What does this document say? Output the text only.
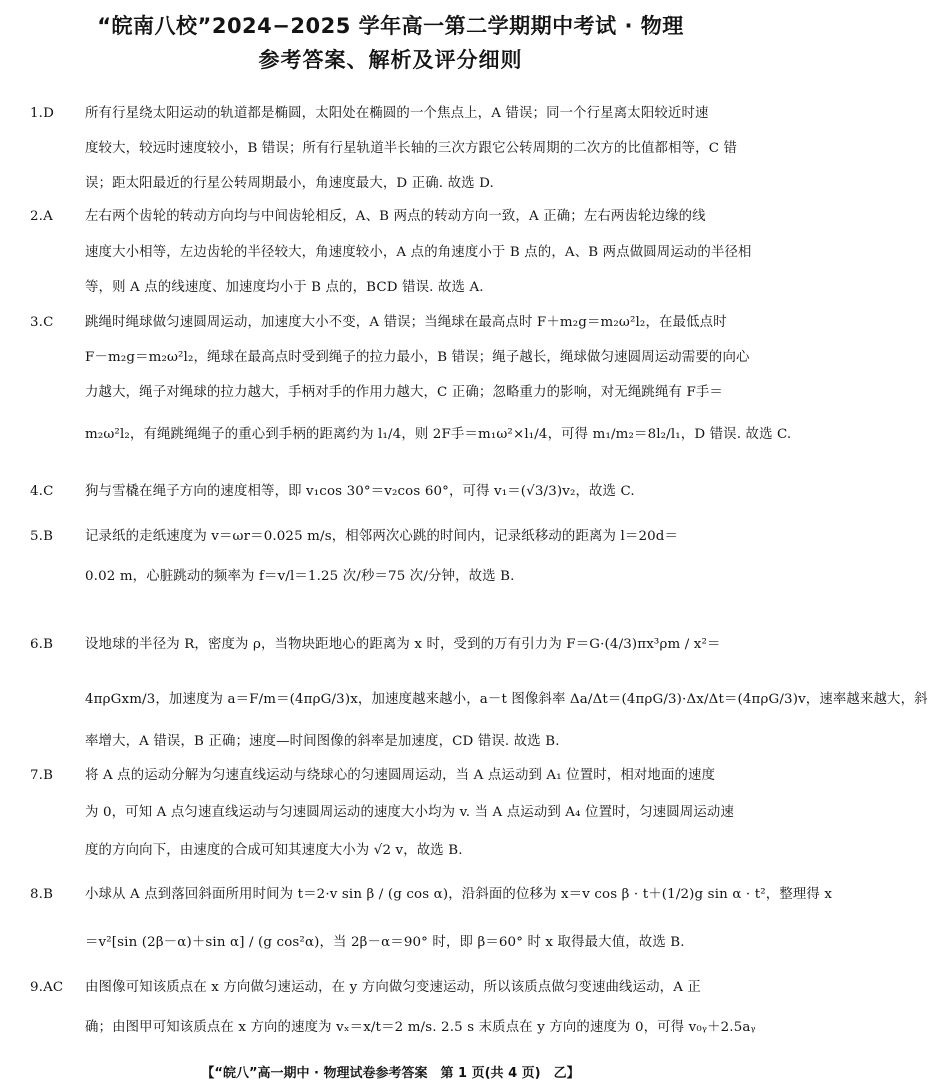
“皖南八校”2024−2025 学年高一第二学期期中考试 · 物理
参考答案、解析及评分细则
1.D 所有行星绕太阳运动的轨道都是椭圆，太阳处在椭圆的一个焦点上，A 错误；同一个行星离太阳较近时速
度较大，较远时速度较小，B 错误；所有行星轨道半长轴的三次方跟它公转周期的二次方的比值都相等，C 错
误；距太阳最近的行星公转周期最小，角速度最大，D 正确. 故选 D.
2.A 左右两个齿轮的转动方向均与中间齿轮相反，A、B 两点的转动方向一致，A 正确；左右两齿轮边缘的线
速度大小相等，左边齿轮的半径较大，角速度较小，A 点的角速度小于 B 点的，A、B 两点做圆周运动的半径相
等，则 A 点的线速度、加速度均小于 B 点的，BCD 错误. 故选 A.
3.C 跳绳时绳球做匀速圆周运动，加速度大小不变，A 错误；当绳球在最高点时 F＋m₂g＝m₂ω²l₂，在最低点时
F－m₂g＝m₂ω²l₂，绳球在最高点时受到绳子的拉力最小，B 错误；绳子越长，绳球做匀速圆周运动需要的向心
力越大，绳子对绳球的拉力越大，手柄对手的作用力越大，C 正确；忽略重力的影响，对无绳跳绳有 F手＝
m₂ω²l₂，有绳跳绳绳子的重心到手柄的距离约为 l₁/4，则 2F手＝m₁ω²×l₁/4，可得 m₁/m₂＝8l₂/l₁，D 错误. 故选 C.
4.C 狗与雪橇在绳子方向的速度相等，即 v₁cos 30°＝v₂cos 60°，可得 v₁＝(√3/3)v₂，故选 C.
5.B 记录纸的走纸速度为 v＝ωr＝0.025 m/s，相邻两次心跳的时间内，记录纸移动的距离为 l＝20d＝
0.02 m，心脏跳动的频率为 f＝v/l＝1.25 次/秒＝75 次/分钟，故选 B.
6.B 设地球的半径为 R，密度为 ρ，当物块距地心的距离为 x 时，受到的万有引力为 F＝G·(4/3)πx³ρm / x²＝
4πρGxm/3，加速度为 a＝F/m＝(4πρG/3)x，加速度越来越小，a－t 图像斜率 Δa/Δt＝(4πρG/3)·Δx/Δt＝(4πρG/3)v，速率越来越大，斜
率增大，A 错误，B 正确；速度—时间图像的斜率是加速度，CD 错误. 故选 B.
7.B 将 A 点的运动分解为匀速直线运动与绕球心的匀速圆周运动，当 A 点运动到 A₁ 位置时，相对地面的速度
为 0，可知 A 点匀速直线运动与匀速圆周运动的速度大小均为 v. 当 A 点运动到 A₄ 位置时，匀速圆周运动速
度的方向向下，由速度的合成可知其速度大小为 √2 v，故选 B.
8.B 小球从 A 点到落回斜面所用时间为 t＝2·v sin β / (g cos α)，沿斜面的位移为 x＝v cos β · t＋(1/2)g sin α · t²，整理得 x
＝v²[sin (2β－α)＋sin α] / (g cos²α)，当 2β－α＝90° 时，即 β＝60° 时 x 取得最大值，故选 B.
9.AC 由图像可知该质点在 x 方向做匀速运动，在 y 方向做匀变速运动，所以该质点做匀变速曲线运动，A 正
确；由图甲可知该质点在 x 方向的速度为 vₓ＝x/t＝2 m/s. 2.5 s 末质点在 y 方向的速度为 0，可得 v₀ᵧ＋2.5aᵧ
【“皖八”高一期中 · 物理试卷参考答案　第 1 页(共 4 页)　乙】
